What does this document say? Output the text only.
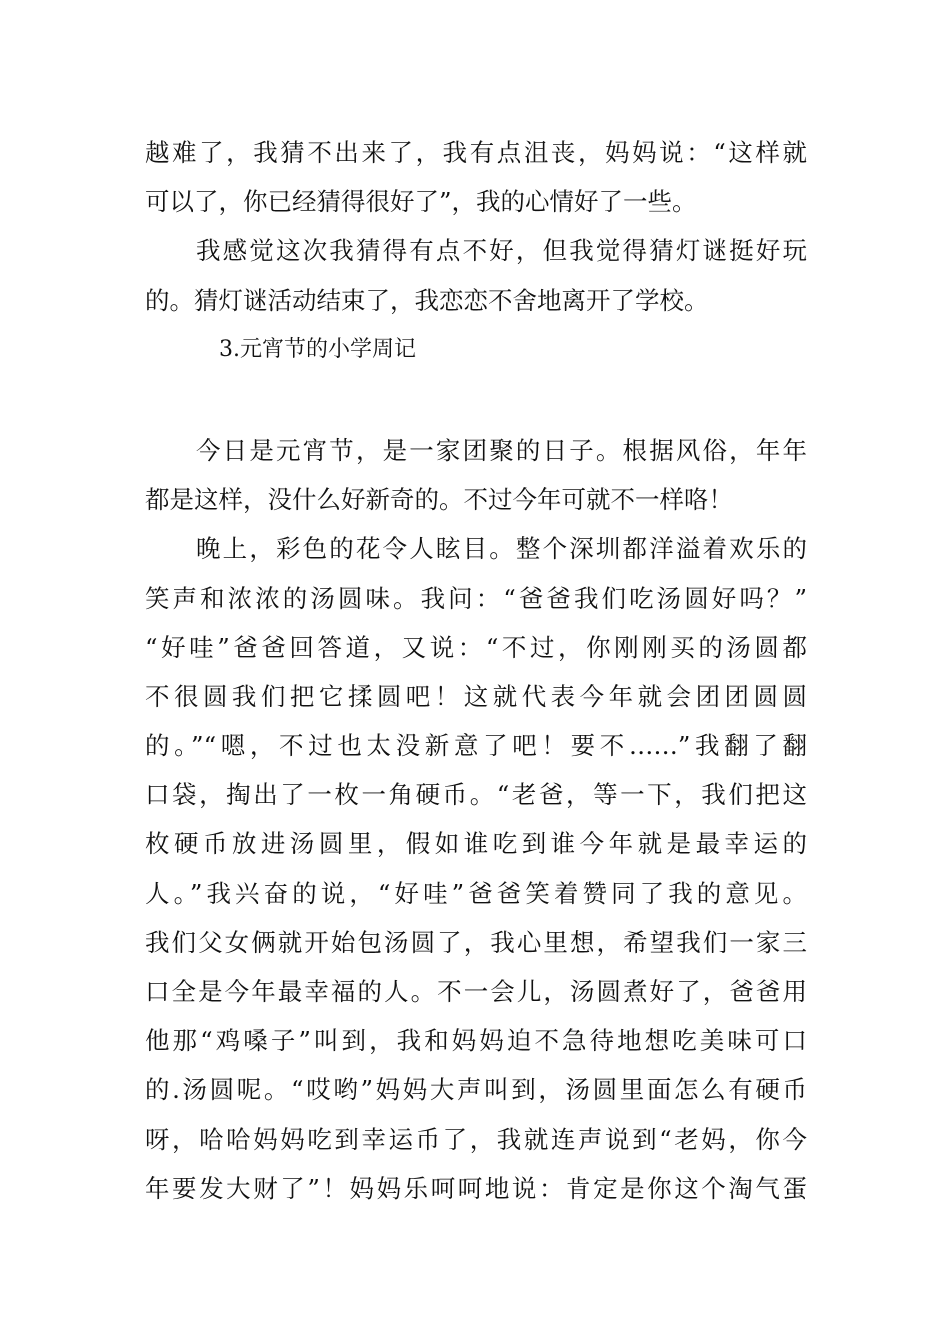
越难了，我猜不出来了，我有点沮丧，妈妈说：“这样就
可以了，你已经猜得很好了”，我的心情好了一些。
我感觉这次我猜得有点不好，但我觉得猜灯谜挺好玩
的。猜灯谜活动结束了，我恋恋不舍地离开了学校。
3.元宵节的小学周记
今日是元宵节，是一家团聚的日子。根据风俗，年年
都是这样，没什么好新奇的。不过今年可就不一样咯！
晚上，彩色的花令人眩目。整个深圳都洋溢着欢乐的
笑声和浓浓的汤圆味。我问：“爸爸我们吃汤圆好吗？”
“好哇”爸爸回答道，又说：“不过，你刚刚买的汤圆都
不很圆我们把它揉圆吧！这就代表今年就会团团圆圆
的。”“嗯，不过也太没新意了吧！要不……”我翻了翻
口袋，掏出了一枚一角硬币。“老爸，等一下，我们把这
枚硬币放进汤圆里，假如谁吃到谁今年就是最幸运的
人。”我兴奋的说，“好哇”爸爸笑着赞同了我的意见。
我们父女俩就开始包汤圆了，我心里想，希望我们一家三
口全是今年最幸福的人。不一会儿，汤圆煮好了，爸爸用
他那“鸡嗓子”叫到，我和妈妈迫不急待地想吃美味可口
的.汤圆呢。“哎哟”妈妈大声叫到，汤圆里面怎么有硬币
呀，哈哈妈妈吃到幸运币了，我就连声说到“老妈，你今
年要发大财了”！妈妈乐呵呵地说：肯定是你这个淘气蛋
